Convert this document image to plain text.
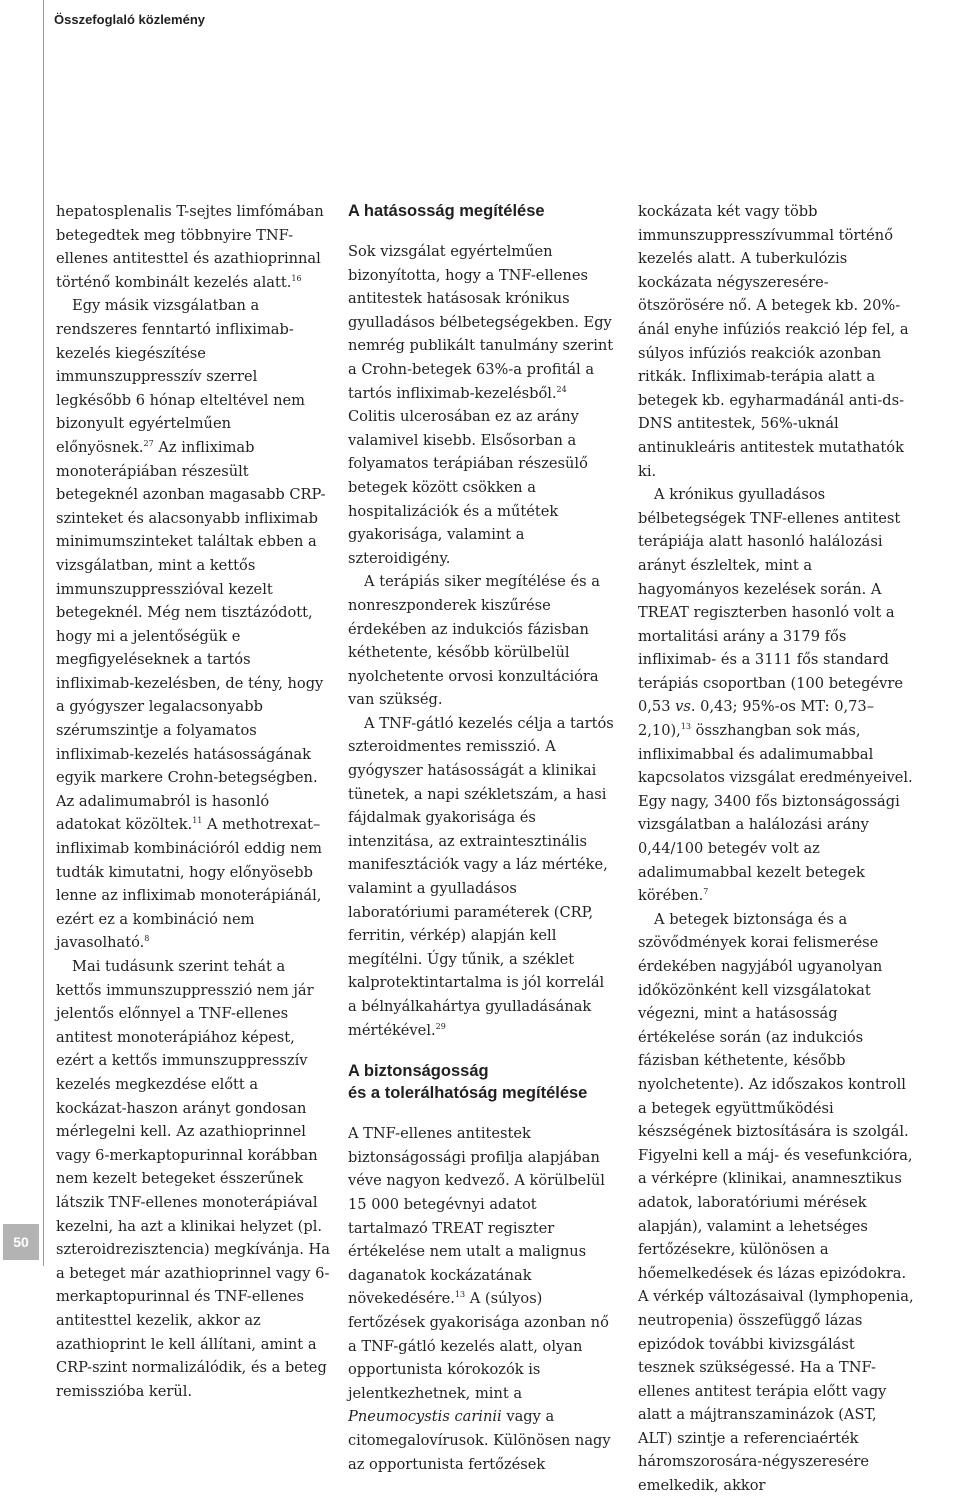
50
Összefoglaló közlemény

hepatosplenalis T-sejtes limfómában betegedtek meg többnyire TNF-ellenes antitesttel és azathioprinnal történő kombinált kezelés alatt.$^{16}$

Egy másik vizsgálatban a rendszeres fenntartó infliximab-kezelés kiegészítése immunszuppresszív szerrel legkésőbb 6 hónap elteltével nem bizonyult egyértelműen előnyösnek.$^{27}$ Az infliximab monoterápiában részesült betegeknél azonban magasabb CRP-szinteket és alacsonyabb infliximab minimumszinteket találtak ebben a vizsgálatban, mint a kettős immunszuppresszióval kezelt betegeknél. Még nem tisztázódott, hogy mi a jelentőségük e megfigyeléseknek a tartós infliximab-kezelésben, de tény, hogy a gyógyszer legalacsonyabb szérumszintje a folyamatos infliximab-kezelés hatásosságának egyik markere Crohn-betegségben. Az adalimumabról is hasonló adatokat közöltek.$^{11}$ A methotrexat–infliximab kombinációról eddig nem tudták kimutatni, hogy előnyösebb lenne az infliximab monoterápiánál, ezért ez a kombináció nem javasolható.$^8$

Mai tudásunk szerint tehát a kettős immunszuppresszió nem jár jelentős előnnyel a TNF-ellenes antitest monoterápiához képest, ezért a kettős immunszuppresszív kezelés megkezdése előtt a kockázat-haszon arányt gondosan mérlegelni kell. Az azathioprinnel vagy 6-merkaptopurinnal korábban nem kezelt betegeket ésszerűnek látszik TNF-ellenes monoterápiával kezelni, ha azt a klinikai helyzet (pl. szteroidrezisztencia) megkívánja. Ha a beteget már azathioprinnel vagy 6-merkaptopurinnal és TNF-ellenes antitesttel kezelik, akkor az azathioprint le kell állítani, amint a CRP-szint normalizálódik, és a beteg remisszióba kerül.

A hatásosság megítélése

Sok vizsgálat egyértelműen bizonyította, hogy a TNF-ellenes antitestek hatásosak krónikus gyulladásos bélbetegségekben. Egy nemrég publikált tanulmány szerint a Crohn-betegek 63%-a profitál a tartós infliximab-kezelésből.$^{24}$ Colitis ulcerosában ez az arány valamivel kisebb. Elsősorban a folyamatos terápiában részesülő betegek között csökken a hospitalizációk és a műtétek gyakorisága, valamint a szteroidigény.

A terápiás siker megítélése és a nonreszponderek kiszűrése érdekében az indukciós fázisban kéthetente, később körülbelül nyolchetente orvosi konzultációra van szükség.

A TNF-gátló kezelés célja a tartós szteroidmentes remisszió. A gyógyszer hatásosságát a klinikai tünetek, a napi székletszám, a hasi fájdalmak gyakorisága és intenzitása, az extraintesztinális manifesztációk vagy a láz mértéke, valamint a gyulladásos laboratóriumi paraméterek (CRP, ferritin, vérkép) alapján kell megítélni. Úgy tűnik, a széklet kalprotektintartalma is jól korrelál a bélnyálkahártya gyulladásának mértékével.$^{29}$

A biztonságosság
és a tolerálhatóság megítélése

A TNF-ellenes antitestek biztonságossági profilja alapjában véve nagyon kedvező. A körülbelül 15 000 betegévnyi adatot tartalmazó TREAT regiszter értékelése nem utalt a malignus daganatok kockázatának növekedésére.$^{13}$ A (súlyos) fertőzések gyakorisága azonban nő a TNF-gátló kezelés alatt, olyan opportunista kórokozók is jelentkezhetnek, mint a Pneumocystis carinii vagy a citomegalovírusok. Különösen nagy az opportunista fertőzések

kockázata két vagy több immunszuppresszívummal történő kezelés alatt. A tuberkulózis kockázata négyszeresére-ötszörösére nő. A betegek kb. 20%-ánál enyhe infúziós reakció lép fel, a súlyos infúziós reakciók azonban ritkák. Infliximab-terápia alatt a betegek kb. egyharmadánál anti-ds-DNS antitestek, 56%-uknál antinukleáris antitestek mutathatók ki.

A krónikus gyulladásos bélbetegségek TNF-ellenes antitest terápiája alatt hasonló halálozási arányt észleltek, mint a hagyományos kezelések során. A TREAT regiszterben hasonló volt a mortalitási arány a 3179 fős infliximab- és a 3111 fős standard terápiás csoportban (100 betegévre 0,53 vs. 0,43; 95%-os MT: 0,73–2,10),$^{13}$ összhangban sok más, infliximabbal és adalimumabbal kapcsolatos vizsgálat eredményeivel. Egy nagy, 3400 fős biztonságossági vizsgálatban a halálozási arány 0,44/100 betegév volt az adalimumabbal kezelt betegek körében.$^7$

A betegek biztonsága és a szövődmények korai felismerése érdekében nagyjából ugyanolyan időközönként kell vizsgálatokat végezni, mint a hatásosság értékelése során (az indukciós fázisban kéthetente, később nyolchetente). Az időszakos kontroll a betegek együttműködési készségének biztosítására is szolgál. Figyelni kell a máj- és vesefunkcióra, a vérképre (klinikai, anamnesztikus adatok, laboratóriumi mérések alapján), valamint a lehetséges fertőzésekre, különösen a hőemelkedések és lázas epizódokra. A vérkép változásaival (lymphopenia, neutropenia) összefüggő lázas epizódok további kivizsgálást tesznek szükségessé. Ha a TNF-ellenes antitest terápia előtt vagy alatt a májtranszaminázok (AST, ALT) szintje a referenciaérték háromszorosára-négyszeresére emelkedik, akkor
